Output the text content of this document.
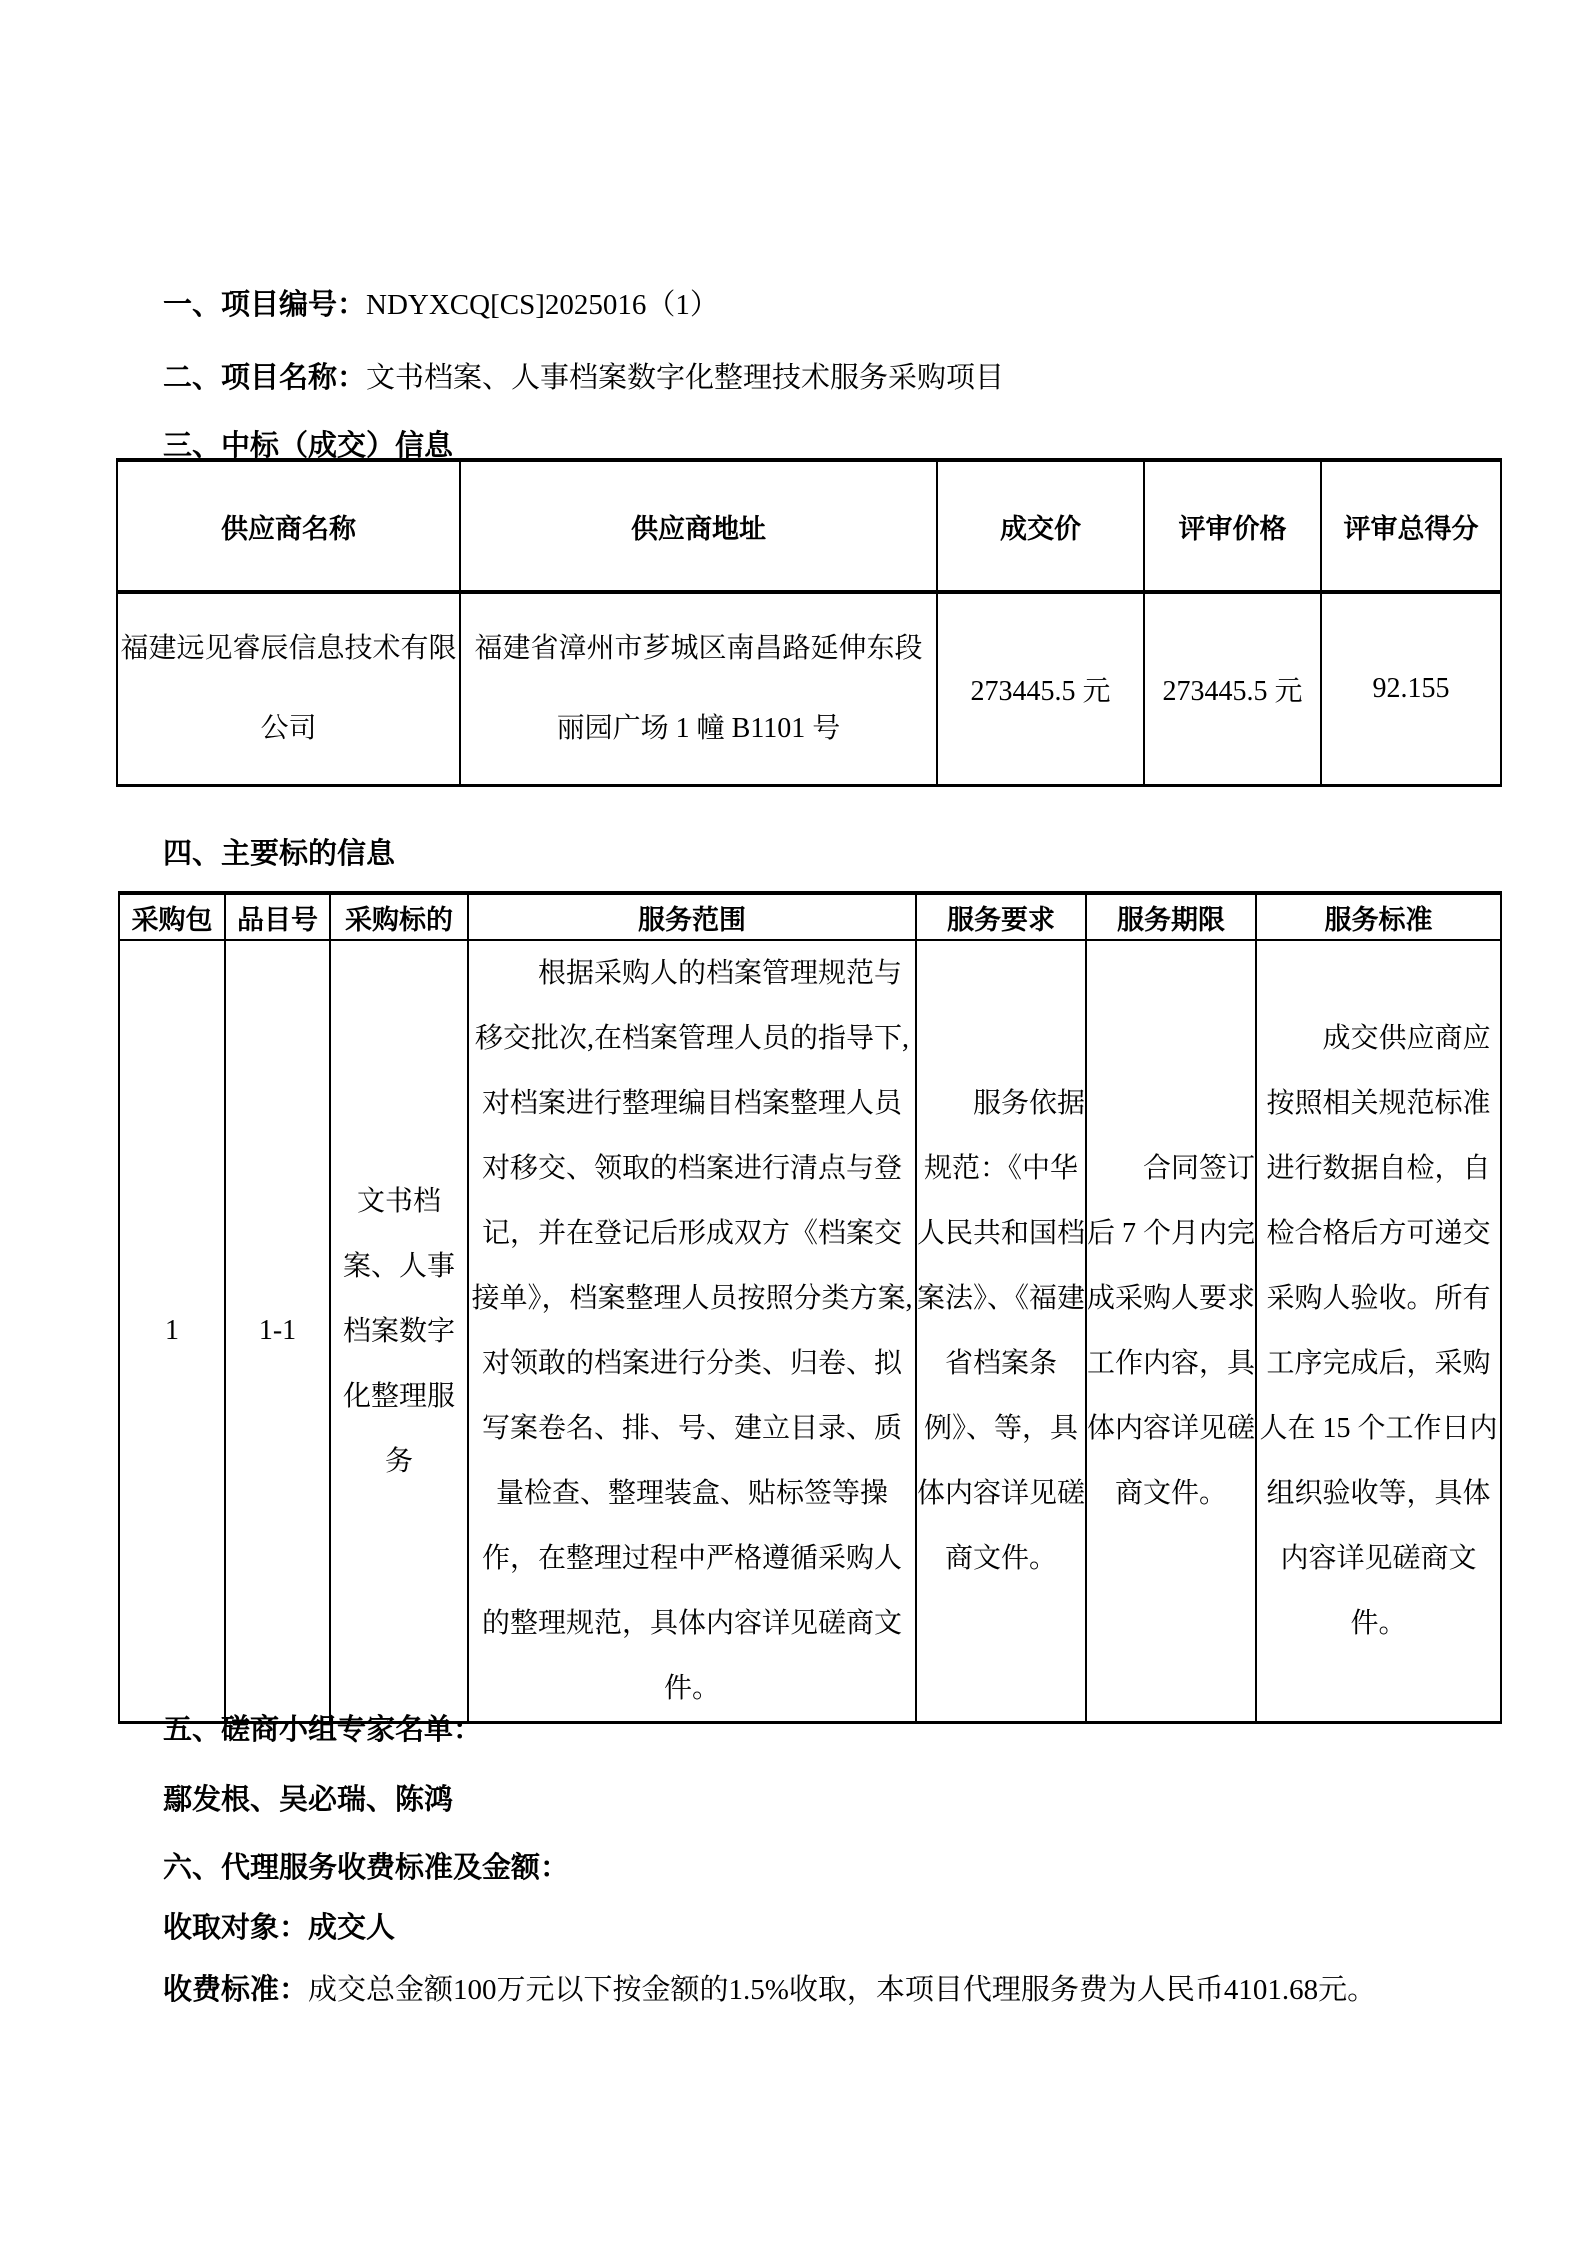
一、项目编号：NDYXCQ[CS]2025016（1）
二、项目名称：文书档案、人事档案数字化整理技术服务采购项目
三、中标（成交）信息
供应商名称	供应商地址	成交价	评审价格	评审总得分
福建远见睿辰信息技术有限公司	福建省漳州市芗城区南昌路延伸东段丽园广场 1 幢 B1101 号	273445.5 元	273445.5 元	92.155
四、主要标的信息
采购包	品目号	采购标的	服务范围	服务要求	服务期限	服务标准
1	1-1	文书档案、人事档案数字化整理服务	根据采购人的档案管理规范与移交批次,在档案管理人员的指导下,对档案进行整理编目档案整理人员对移交、领取的档案进行清点与登记，并在登记后形成双方《档案交接单》，档案整理人员按照分类方案,对领敢的档案进行分类、归卷、拟写案卷名、排、号、建立目录、质量检查、整理装盒、贴标签等操作，在整理过程中严格遵循采购人的整理规范，具体内容详见磋商文件。	服务依据规范：《中华人民共和国档案法》、《福建省档案条例》、等，具体内容详见磋商文件。	合同签订后 7 个月内完成采购人要求工作内容，具体内容详见磋商文件。	成交供应商应按照相关规范标准进行数据自检，自检合格后方可递交采购人验收。所有工序完成后，采购人在 15 个工作日内组织验收等，具体内容详见磋商文件。
五、磋商小组专家名单：
鄢发根、吴必瑞、陈鸿
六、代理服务收费标准及金额：
收取对象：成交人
收费标准：成交总金额100万元以下按金额的1.5%收取，本项目代理服务费为人民币4101.68元。
